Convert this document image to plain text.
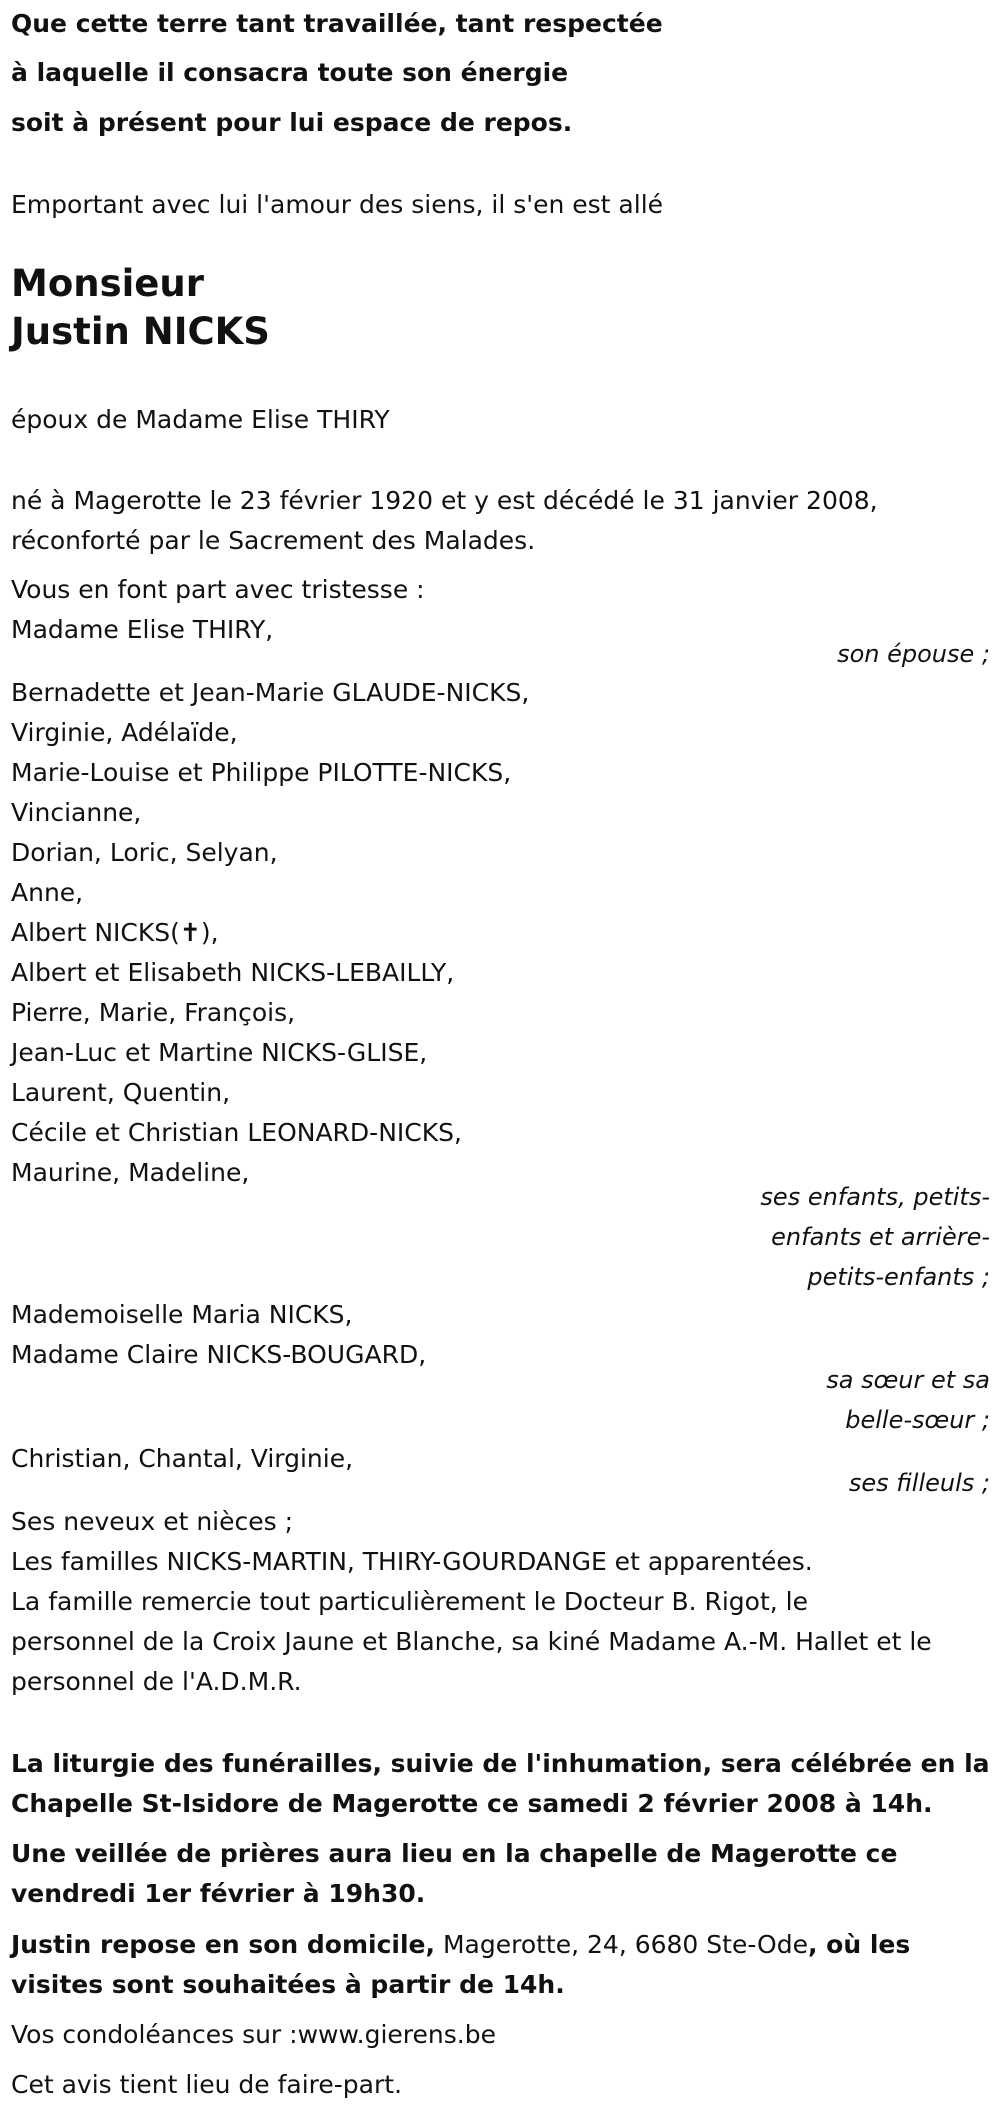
Que cette terre tant travaillée, tant respectée

à laquelle il consacra toute son énergie

soit à présent pour lui espace de repos.

Emportant avec lui l'amour des siens, il s'en est allé

Monsieur

Justin NICKS

époux de Madame Elise THIRY

né à Magerotte le 23 février 1920 et y est décédé le 31 janvier 2008,

réconforté par le Sacrement des Malades.

Vous en font part avec tristesse :

Madame Elise THIRY,

son épouse ;

Bernadette et Jean-Marie GLAUDE-NICKS,

Virginie, Adélaïde,

Marie-Louise et Philippe PILOTTE-NICKS,

Vincianne,

Dorian, Loric, Selyan,

Anne,

Albert NICKS(✝),

Albert et Elisabeth NICKS-LEBAILLY,

Pierre, Marie, François,

Jean-Luc et Martine NICKS-GLISE,

Laurent, Quentin,

Cécile et Christian LEONARD-NICKS,

Maurine, Madeline,

ses enfants, petits-

enfants et arrière-

petits-enfants ;

Mademoiselle Maria NICKS,

Madame Claire NICKS-BOUGARD,

sa sœur et sa

belle-sœur ;

Christian, Chantal, Virginie,

ses filleuls ;

Ses neveux et nièces ;

Les familles NICKS-MARTIN, THIRY-GOURDANGE et apparentées.

La famille remercie tout particulièrement le Docteur B. Rigot, le

personnel de la Croix Jaune et Blanche, sa kiné Madame A.-M. Hallet et le

personnel de l'A.D.M.R.

La liturgie des funérailles, suivie de l'inhumation, sera célébrée en la

Chapelle St-Isidore de Magerotte ce samedi 2 février 2008 à 14h.

Une veillée de prières aura lieu en la chapelle de Magerotte ce

vendredi 1er février à 19h30.

Justin repose en son domicile, Magerotte, 24, 6680 Ste-Ode, où les

visites sont souhaitées à partir de 14h.

Vos condoléances sur :www.gierens.be

Cet avis tient lieu de faire-part.
